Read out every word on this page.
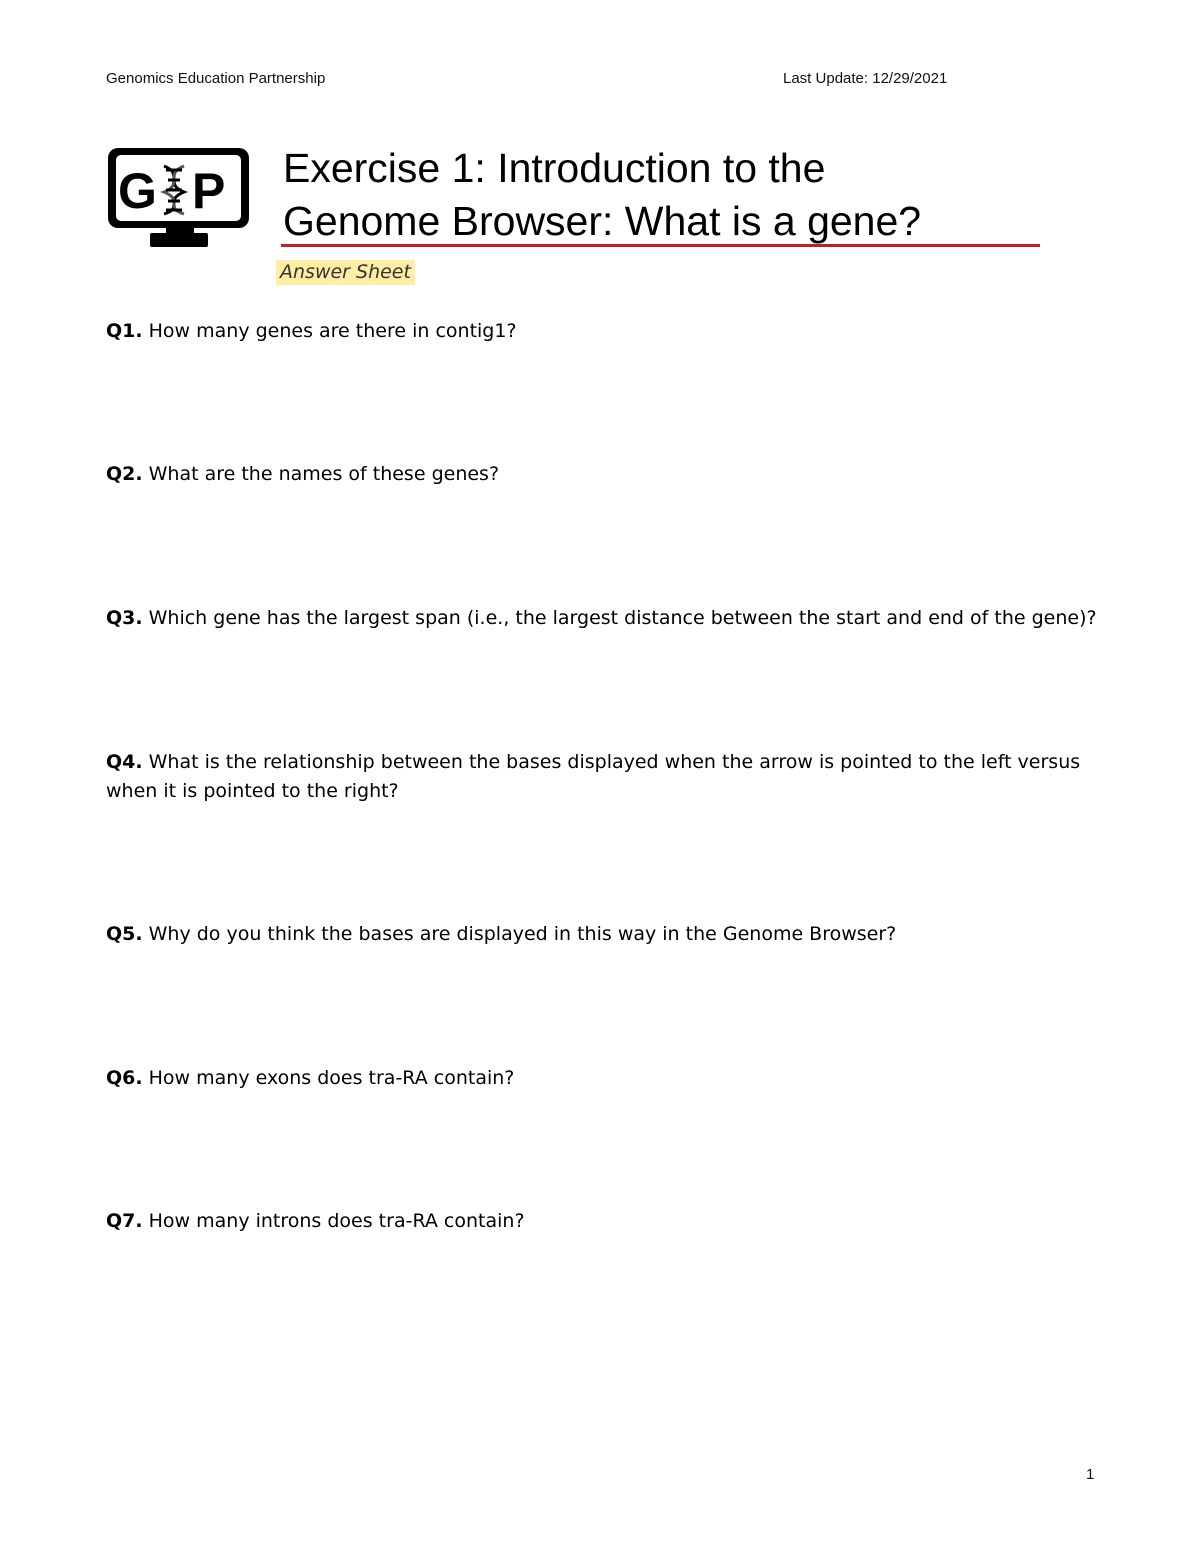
Genomics Education Partnership	Last Update: 12/29/2021
G P Exercise 1: Introduction to the
Genome Browser: What is a gene?
Answer Sheet
Q1. How many genes are there in contig1?
Q2. What are the names of these genes?
Q3. Which gene has the largest span (i.e., the largest distance between the start and end of the gene)?
Q4. What is the relationship between the bases displayed when the arrow is pointed to the left versus when it is pointed to the right?
Q5. Why do you think the bases are displayed in this way in the Genome Browser?
Q6. How many exons does tra-RA contain?
Q7. How many introns does tra-RA contain?
1
